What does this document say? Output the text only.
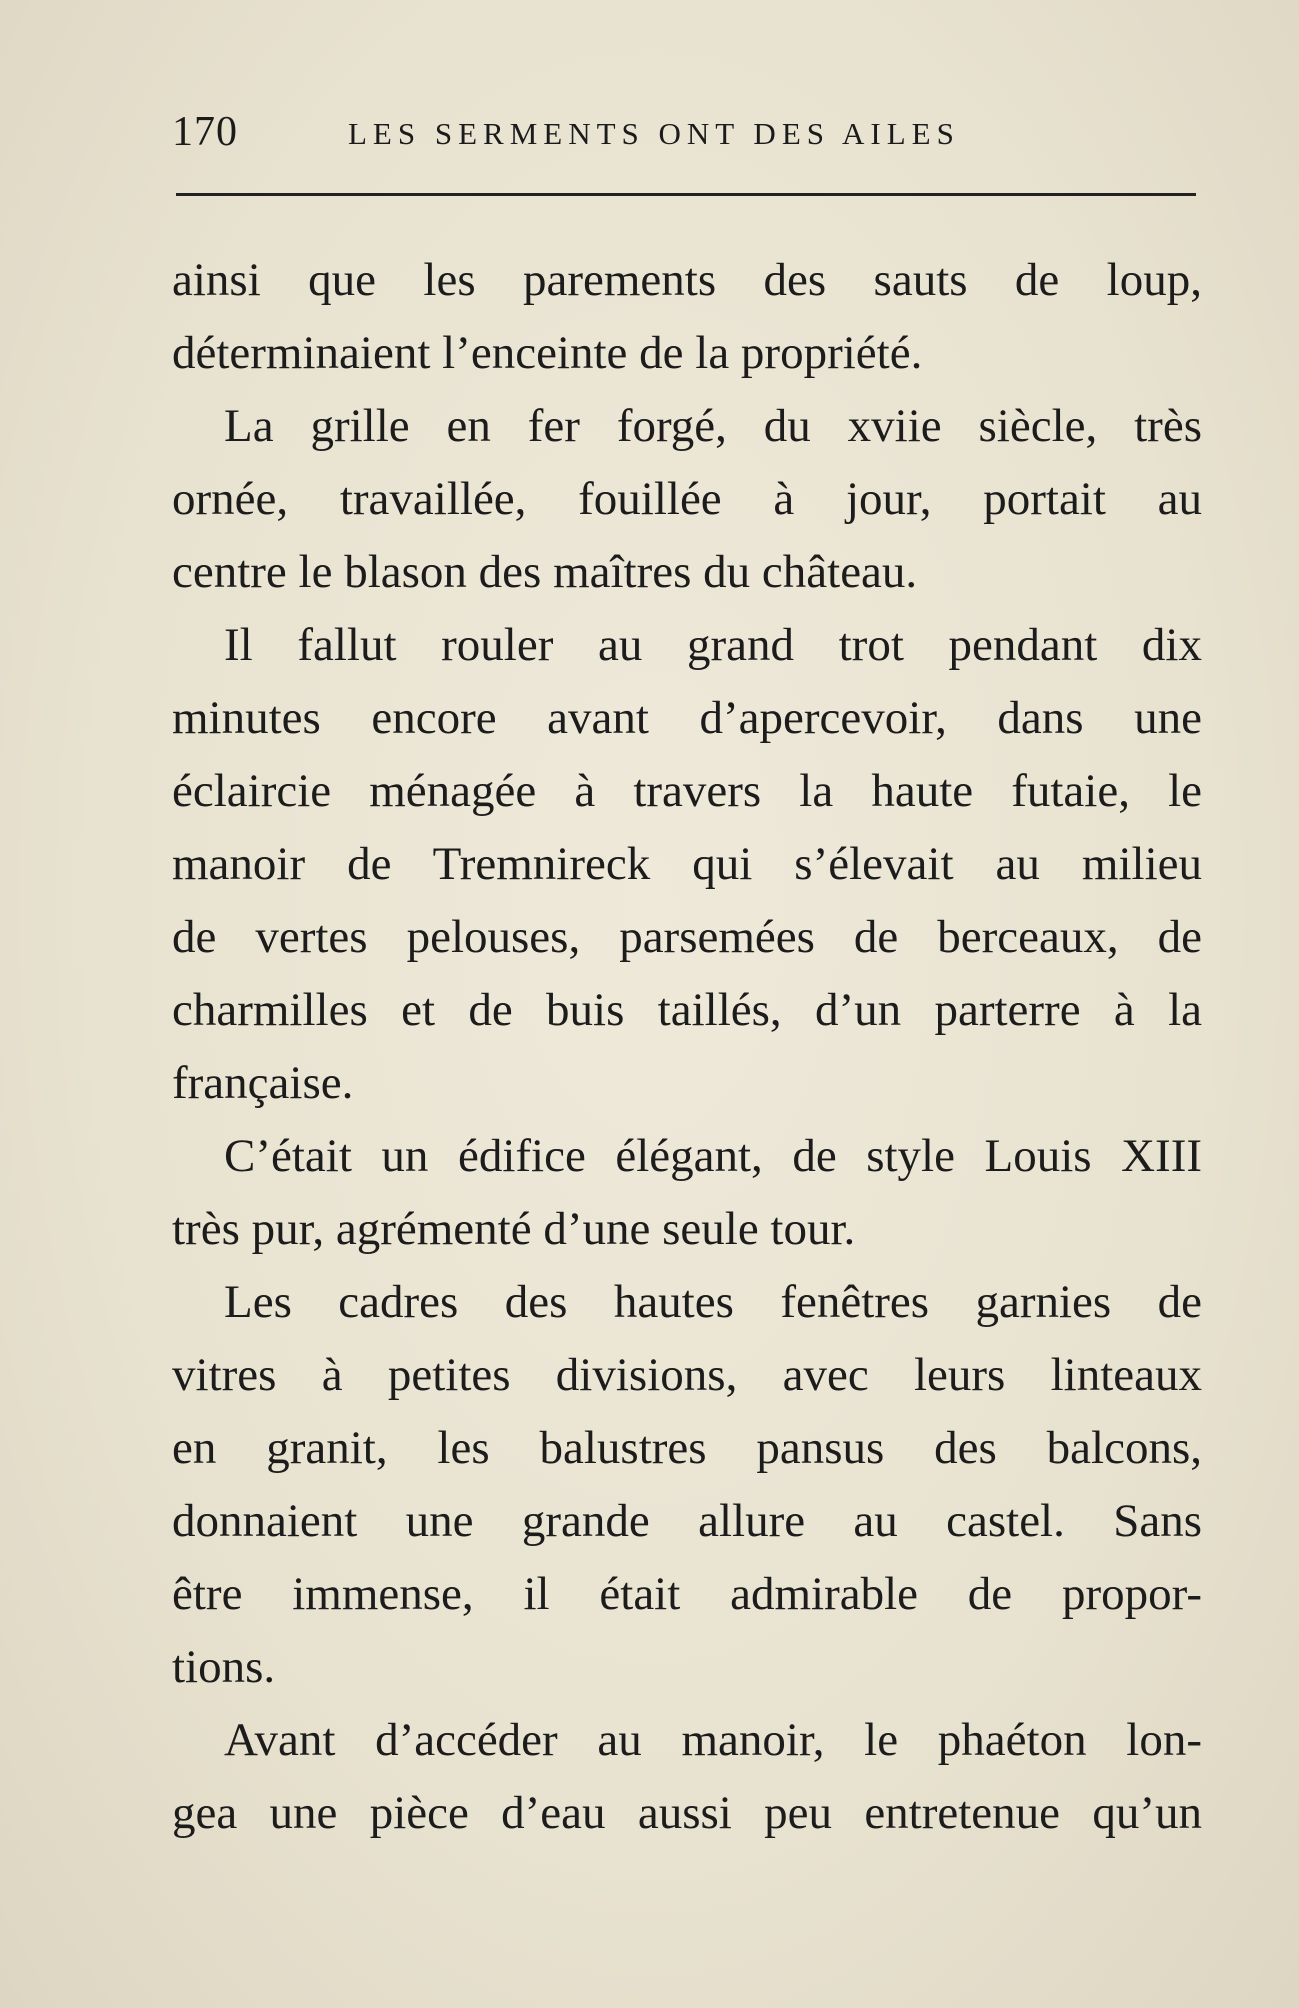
170	LES SERMENTS ONT DES AILES
ainsi que les parements des sauts de loup,
déterminaient l’enceinte de la propriété.
La grille en fer forgé, du xviie siècle, très
ornée, travaillée, fouillée à jour, portait au
centre le blason des maîtres du château.
Il fallut rouler au grand trot pendant dix
minutes encore avant d’apercevoir, dans une
éclaircie ménagée à travers la haute futaie, le
manoir de Tremnireck qui s’élevait au milieu
de vertes pelouses, parsemées de berceaux, de
charmilles et de buis taillés, d’un parterre à la
française.
C’était un édifice élégant, de style Louis XIII
très pur, agrémenté d’une seule tour.
Les cadres des hautes fenêtres garnies de
vitres à petites divisions, avec leurs linteaux
en granit, les balustres pansus des balcons,
donnaient une grande allure au castel. Sans
être immense, il était admirable de propor-
tions.
Avant d’accéder au manoir, le phaéton lon-
gea une pièce d’eau aussi peu entretenue qu’un
